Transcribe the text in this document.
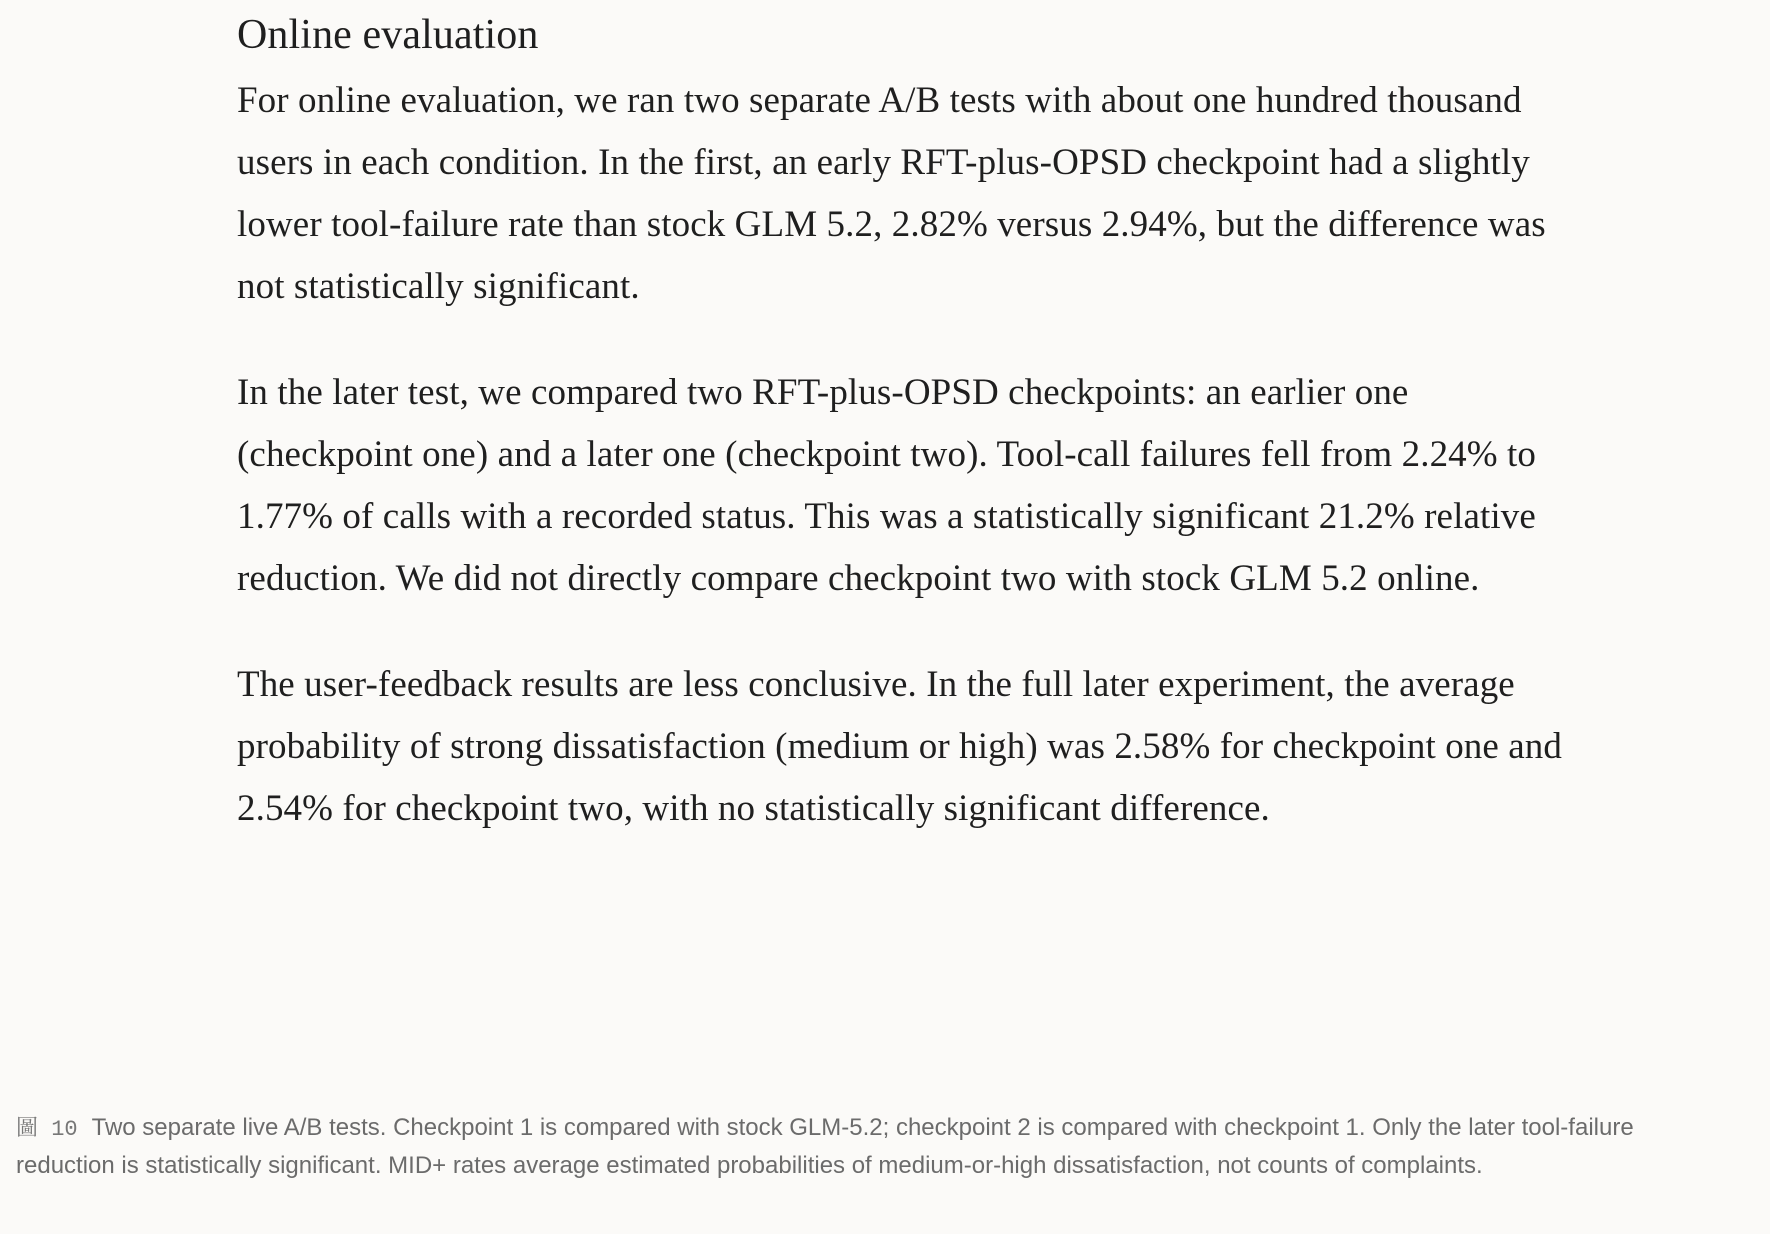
Online evaluation

For online evaluation, we ran two separate A/B tests with about one hundred thousand users in each condition. In the first, an early RFT-plus-OPSD checkpoint had a slightly lower tool-failure rate than stock GLM 5.2, 2.82% versus 2.94%, but the difference was not statistically significant.

In the later test, we compared two RFT-plus-OPSD checkpoints: an earlier one (checkpoint one) and a later one (checkpoint two). Tool-call failures fell from 2.24% to 1.77% of calls with a recorded status. This was a statistically significant 21.2% relative reduction. We did not directly compare checkpoint two with stock GLM 5.2 online.

The user-feedback results are less conclusive. In the full later experiment, the average probability of strong dissatisfaction (medium or high) was 2.58% for checkpoint one and 2.54% for checkpoint two, with no statistically significant difference.

圖 10 Two separate live A/B tests. Checkpoint 1 is compared with stock GLM-5.2; checkpoint 2 is compared with checkpoint 1. Only the later tool-failure reduction is statistically significant. MID+ rates average estimated probabilities of medium-or-high dissatisfaction, not counts of complaints.
